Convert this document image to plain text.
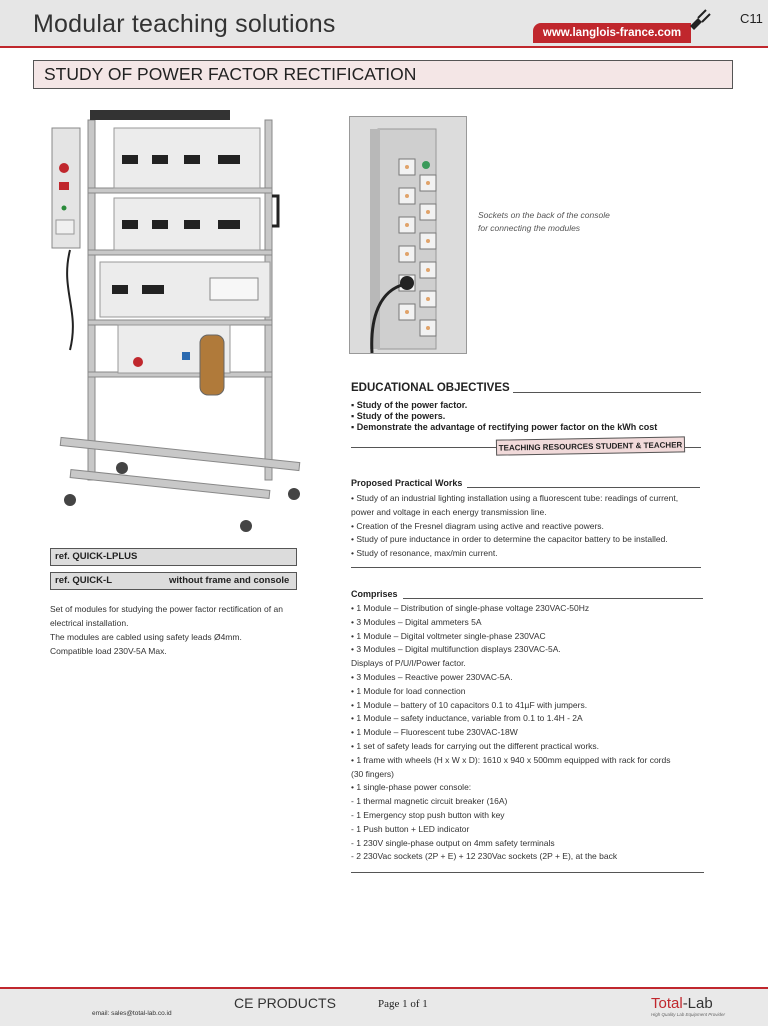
Modular teaching solutions	www.langlois-france.com
C11
STUDY OF POWER FACTOR RECTIFICATION
Sockets on the back of the console
for connecting the modules
ref. QUICK-LPLUS
ref. QUICK-L	without frame and console
Set of modules for studying the power factor rectification of an electrical installation.
The modules are cabled using safety leads Ø4mm.
Compatible load 230V-5A Max.
EDUCATIONAL OBJECTIVES
▪ Study of the power factor.
▪ Study of the powers.
▪ Demonstrate the advantage of rectifying power factor on the kWh cost
TEACHING RESOURCES STUDENT & TEACHER
Proposed Practical Works
• Study of an industrial lighting installation using a fluorescent tube: readings of current,
power and voltage in each energy transmission line.
• Creation of the Fresnel diagram using active and reactive powers.
• Study of pure inductance in order to determine the capacitor battery to be installed.
• Study of resonance, max/min current.
Comprises
• 1 Module – Distribution of single-phase voltage 230VAC-50Hz
• 3 Modules – Digital ammeters 5A
• 1 Module – Digital voltmeter single-phase 230VAC
• 3 Modules – Digital multifunction displays 230VAC-5A.
Displays of P/U/I/Power factor.
• 3 Modules – Reactive power 230VAC-5A.
• 1 Module for load connection
• 1 Module – battery of 10 capacitors 0.1 to 41µF with jumpers.
• 1 Module – safety inductance, variable from 0.1 to 1.4H - 2A
• 1 Module – Fluorescent tube 230VAC-18W
• 1 set of safety leads for carrying out the different practical works.
• 1 frame with wheels (H x W x D): 1610 x 940 x 500mm equipped with rack for cords
(30 fingers)
• 1 single-phase power console:
- 1 thermal magnetic circuit breaker (16A)
- 1 Emergency stop push button with key
- 1 Push button + LED indicator
- 1 230V single-phase output on 4mm safety terminals
- 2 230Vac sockets (2P + E) + 12 230Vac sockets (2P + E), at the back
CE PRODUCTS	Page 1 of 1
email: sales@total-lab.co.id
Total-Lab
High Quality Lab Equipment Provider
